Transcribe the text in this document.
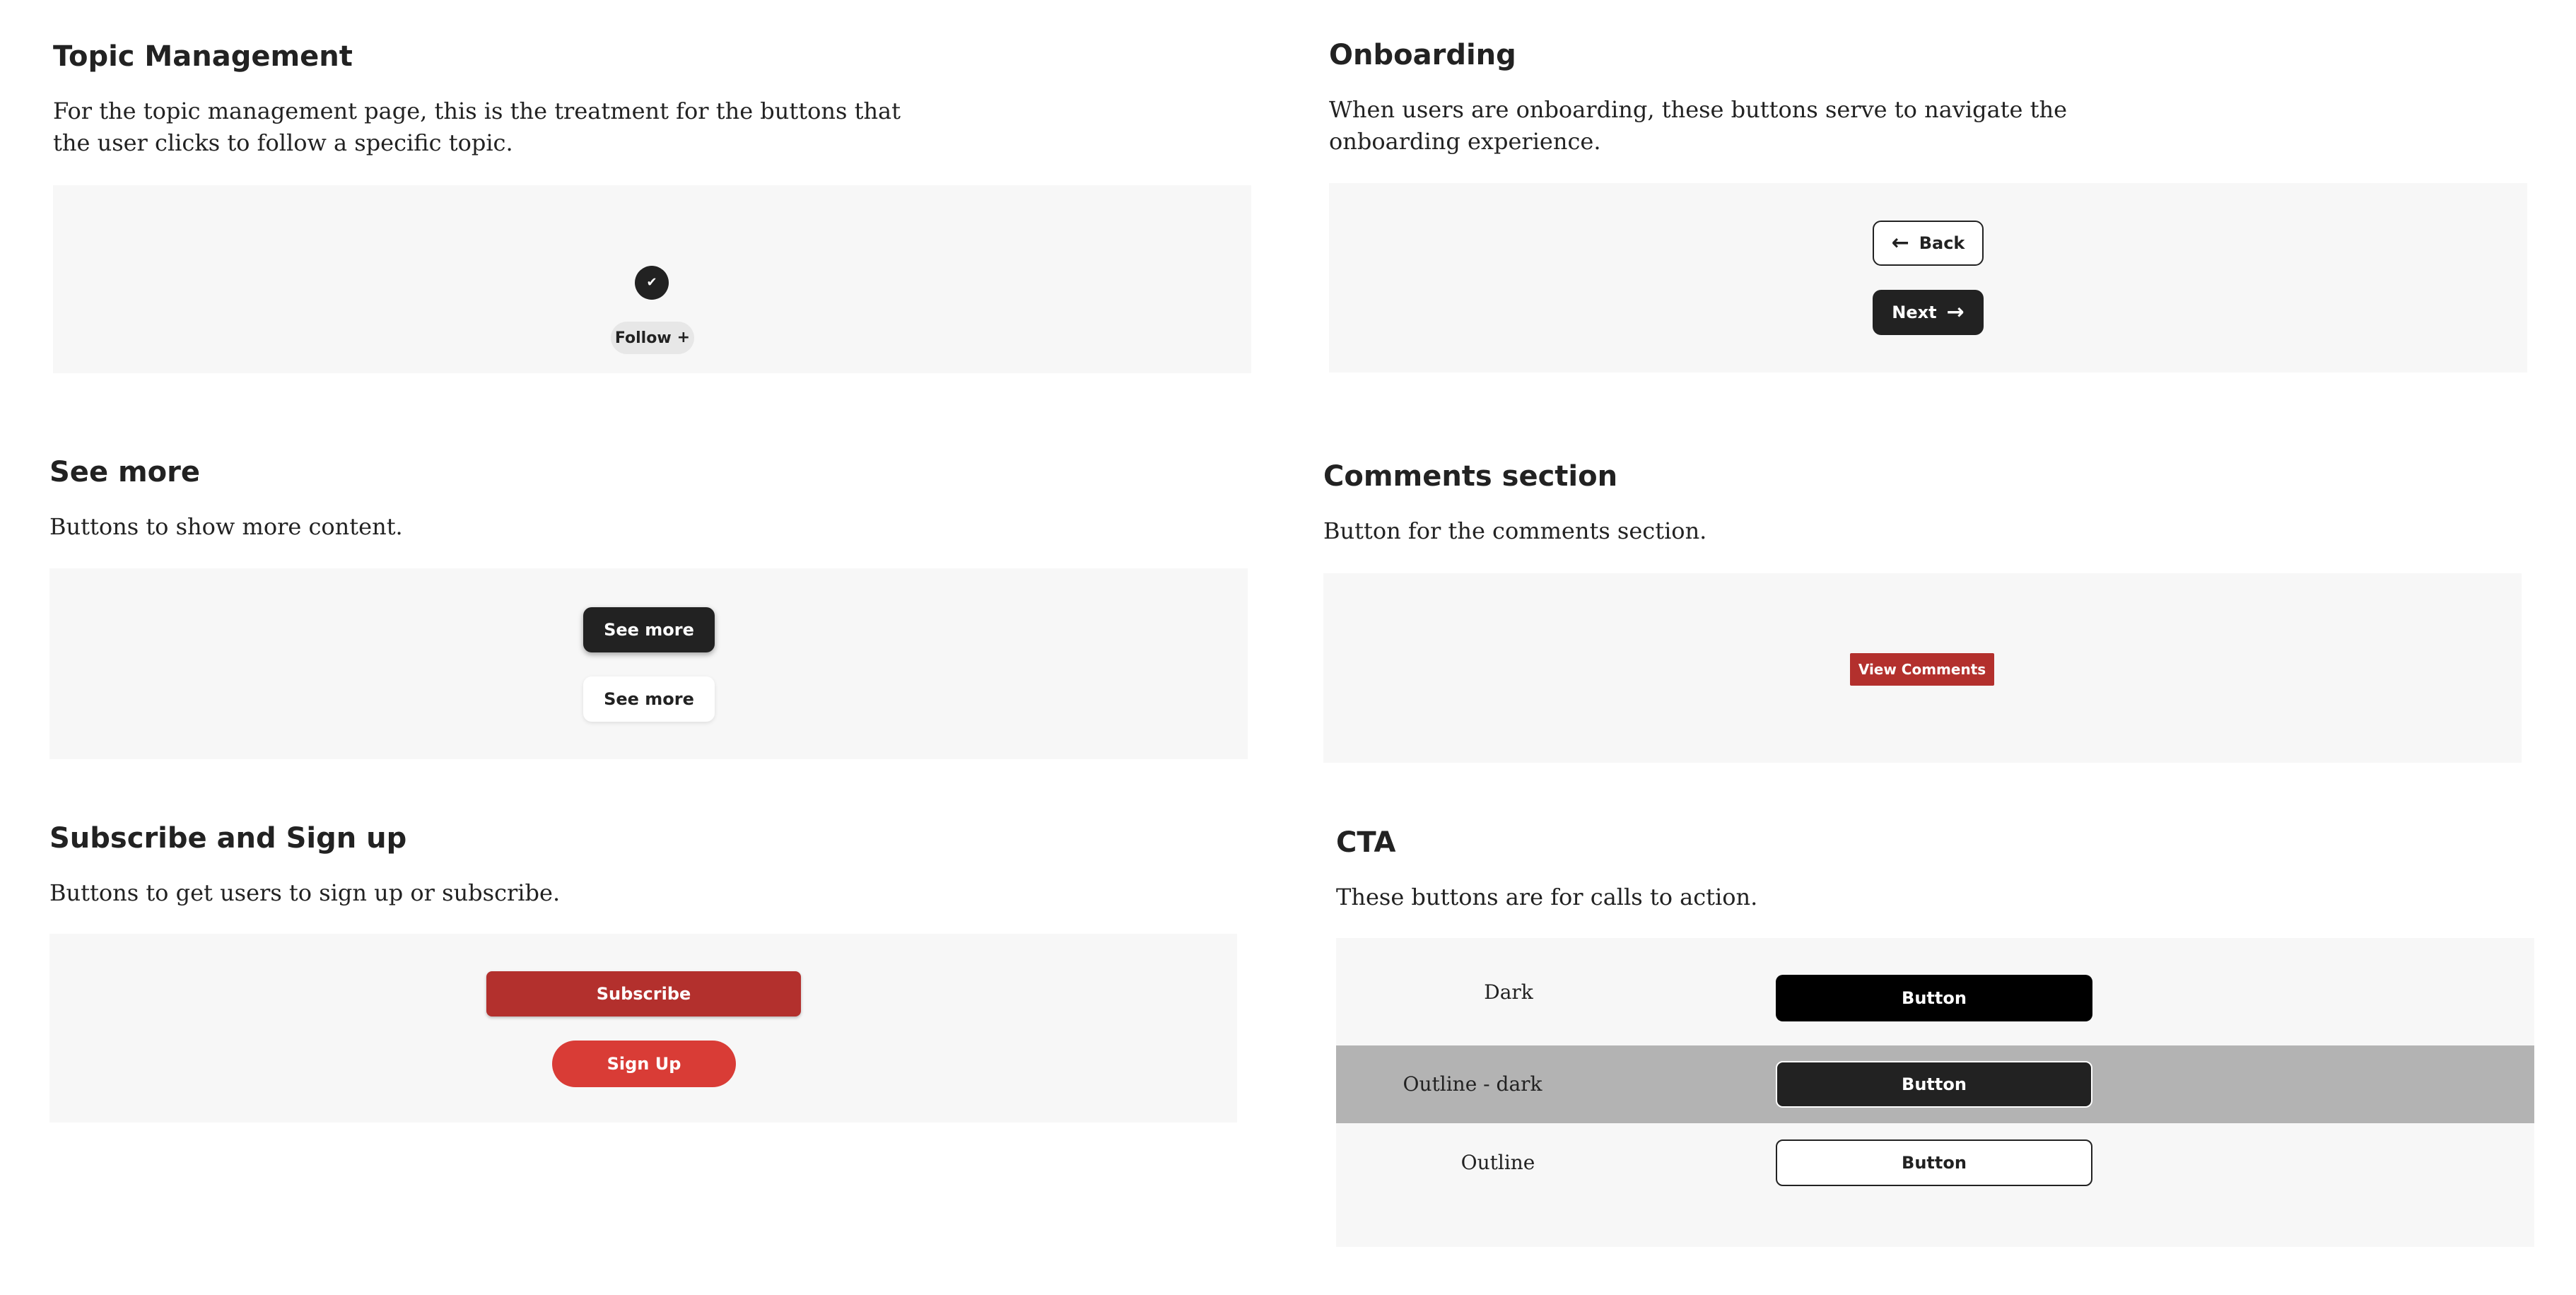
Topic Management

For the topic management page, this is the treatment for the buttons that
the user clicks to follow a specific topic.

✔
Follow +
Onboarding

When users are onboarding, these buttons serve to navigate the
onboarding experience.

← Back
Next →
See more

Buttons to show more content.

See more
See more
Comments section

Button for the comments section.

View Comments
Subscribe and Sign up

Buttons to get users to sign up or subscribe.

Subscribe
Sign Up
CTA

These buttons are for calls to action.

Dark	Button

Outline - dark	Button

Outline	Button
